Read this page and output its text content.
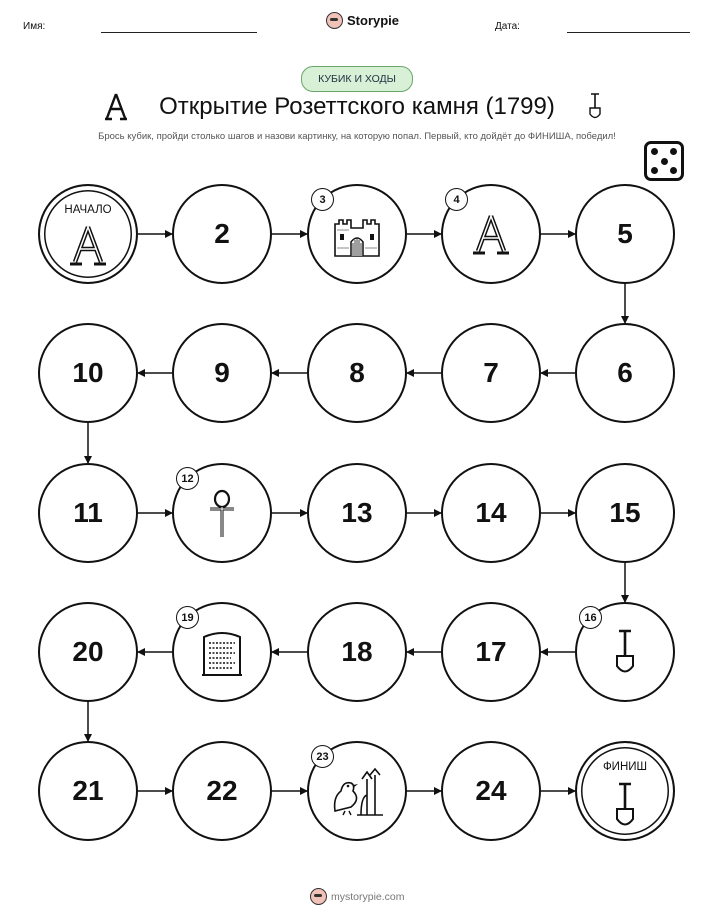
Имя:	Storypie	Дата:
КУБИК И ХОДЫ
Открытие Розеттского камня (1799)
Брось кубик, пройди столько шагов и назови картинку, на которую попал. Первый, кто дойдёт до ФИНИША, победил!
НАЧАЛО
2
3	4
5
6
7
8
9
10
11
12
13	14	15
16
17
18
19
20
21	22
23
24
ФИНИШ
mystorypie.com
